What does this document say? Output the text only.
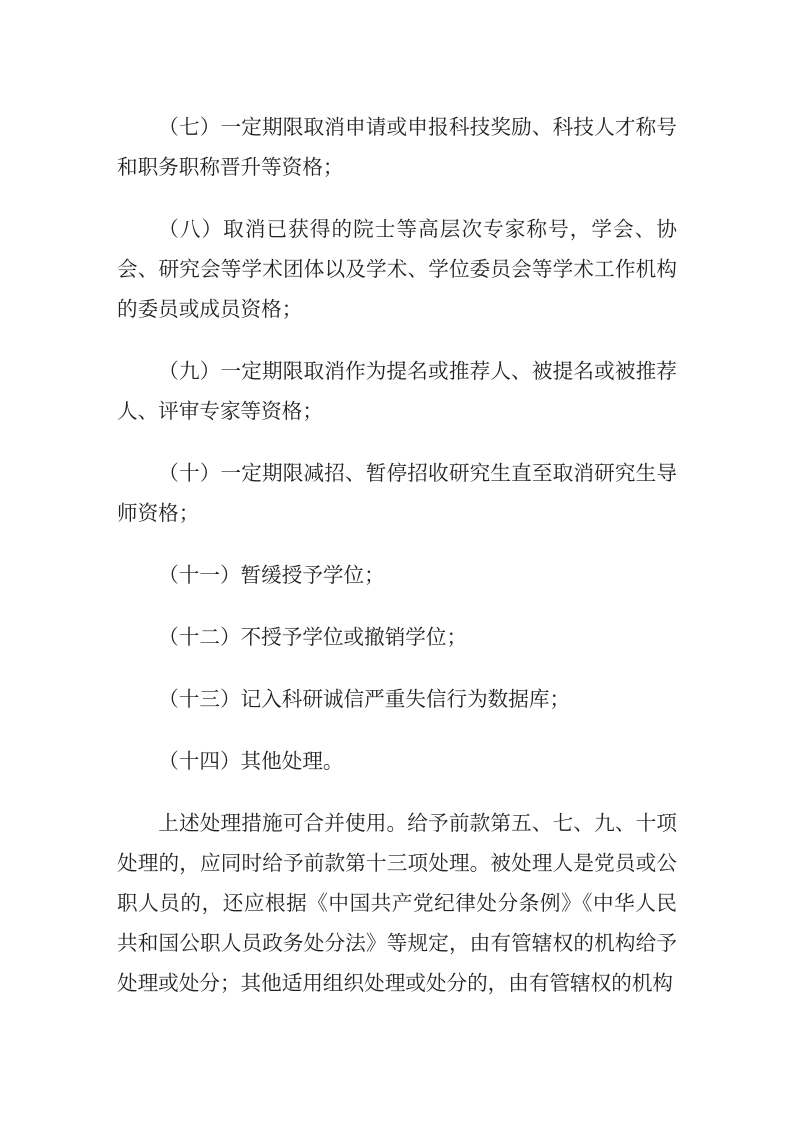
（七）一定期限取消申请或申报科技奖励、科技人才称号和职务职称晋升等资格；

（八）取消已获得的院士等高层次专家称号，学会、协会、研究会等学术团体以及学术、学位委员会等学术工作机构的委员或成员资格；

（九）一定期限取消作为提名或推荐人、被提名或被推荐人、评审专家等资格；

（十）一定期限减招、暂停招收研究生直至取消研究生导师资格；

（十一）暂缓授予学位；

（十二）不授予学位或撤销学位；

（十三）记入科研诚信严重失信行为数据库；

（十四）其他处理。

上述处理措施可合并使用。给予前款第五、七、九、十项处理的，应同时给予前款第十三项处理。被处理人是党员或公职人员的，还应根据《中国共产党纪律处分条例》《中华人民共和国公职人员政务处分法》等规定，由有管辖权的机构给予处理或处分；其他适用组织处理或处分的，由有管辖权的机构
